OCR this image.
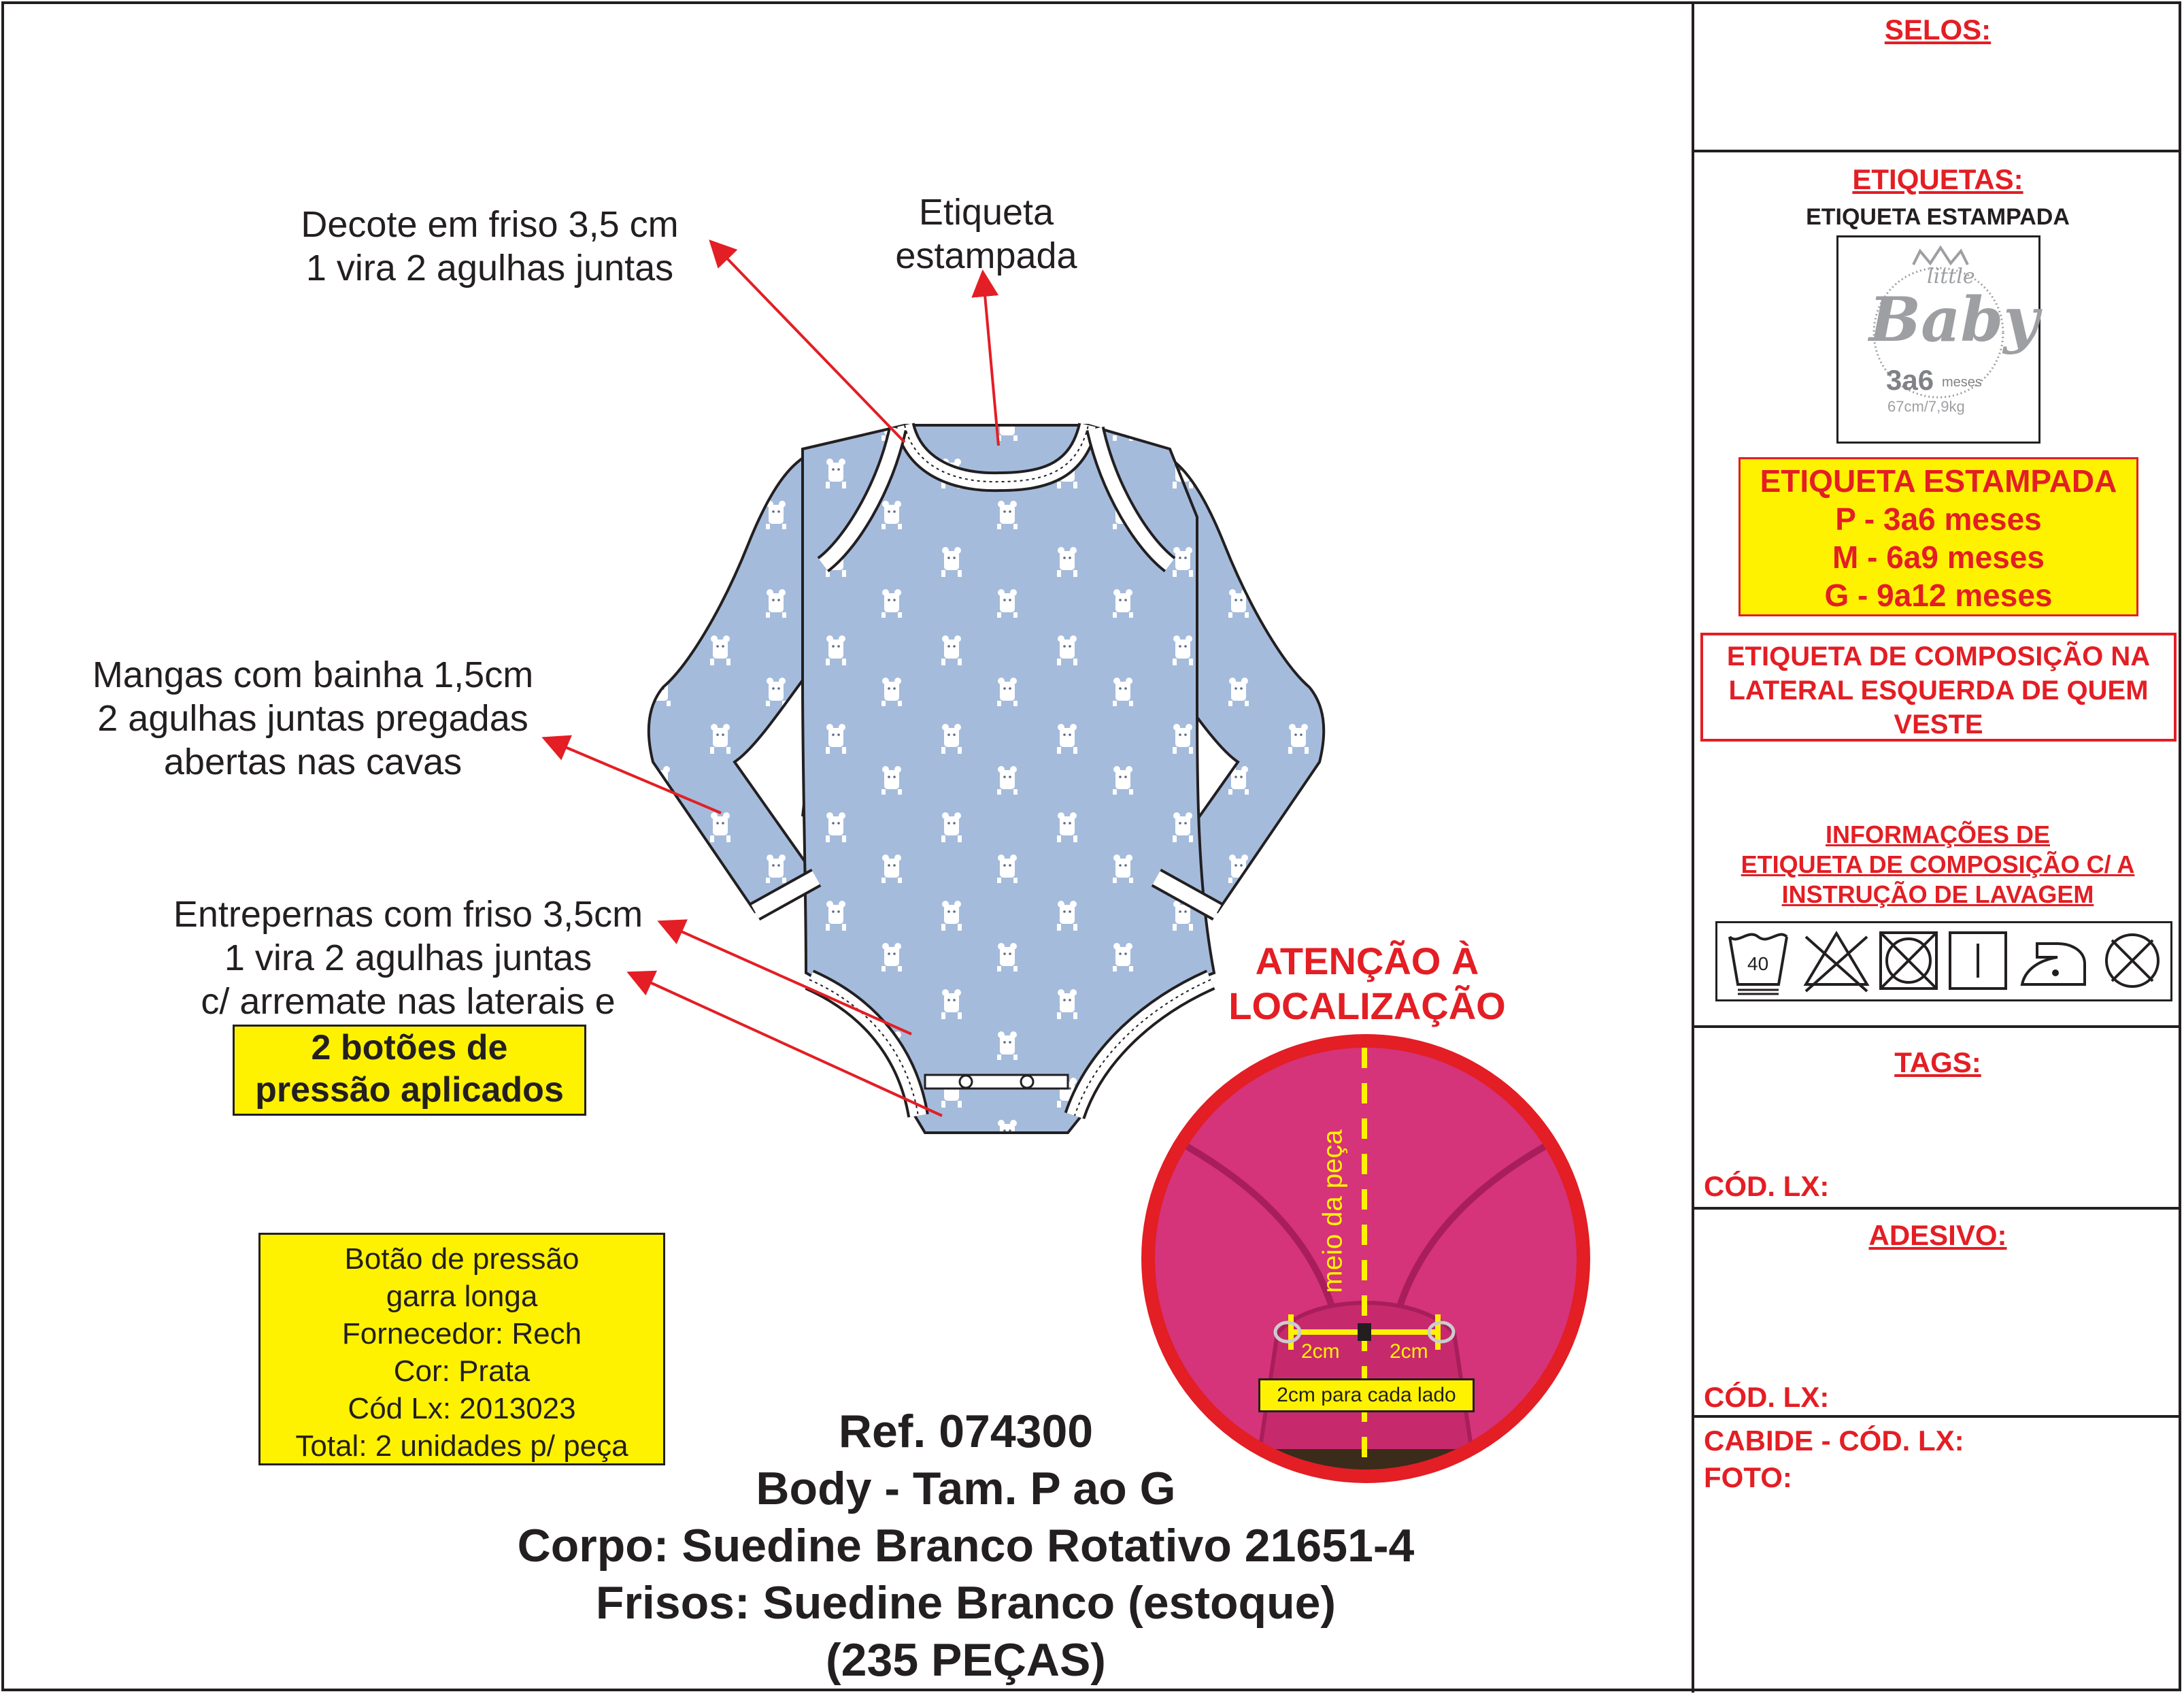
Decote em friso 3,5 cm
1 vira 2 agulhas juntas
Etiqueta
estampada
Mangas com bainha 1,5cm
2 agulhas juntas pregadas
abertas nas cavas
Entrepernas com friso 3,5cm
1 vira 2 agulhas juntas
c/ arremate nas laterais e
2 botões de
pressão aplicados
Botão de pressão
garra longa
Fornecedor: Rech
Cor: Prata
Cód Lx: 2013023
Total: 2 unidades p/ peça	Ref. 074300
Body - Tam. P ao G
Corpo: Suedine Branco Rotativo 21651-4
Frisos: Suedine Branco (estoque)
(235 PEÇAS)
ATENÇÃO À
LOCALIZAÇÃO
meio da peça
2cm 2cm
2cm para cada lado
SELOS:
ETIQUETAS:
ETIQUETA ESTAMPADA
little
Baby
3a6 meses
67cm/7,9kg
ETIQUETA ESTAMPADA
P - 3a6 meses
M - 6a9 meses
G - 9a12 meses
ETIQUETA DE COMPOSIÇÃO NA
LATERAL ESQUERDA DE QUEM
VESTE
INFORMAÇÕES DE
ETIQUETA DE COMPOSIÇÃO C/ A
INSTRUÇÃO DE LAVAGEM
40
TAGS:
CÓD. LX:
ADESIVO:
CÓD. LX:
CABIDE - CÓD. LX:
FOTO:
